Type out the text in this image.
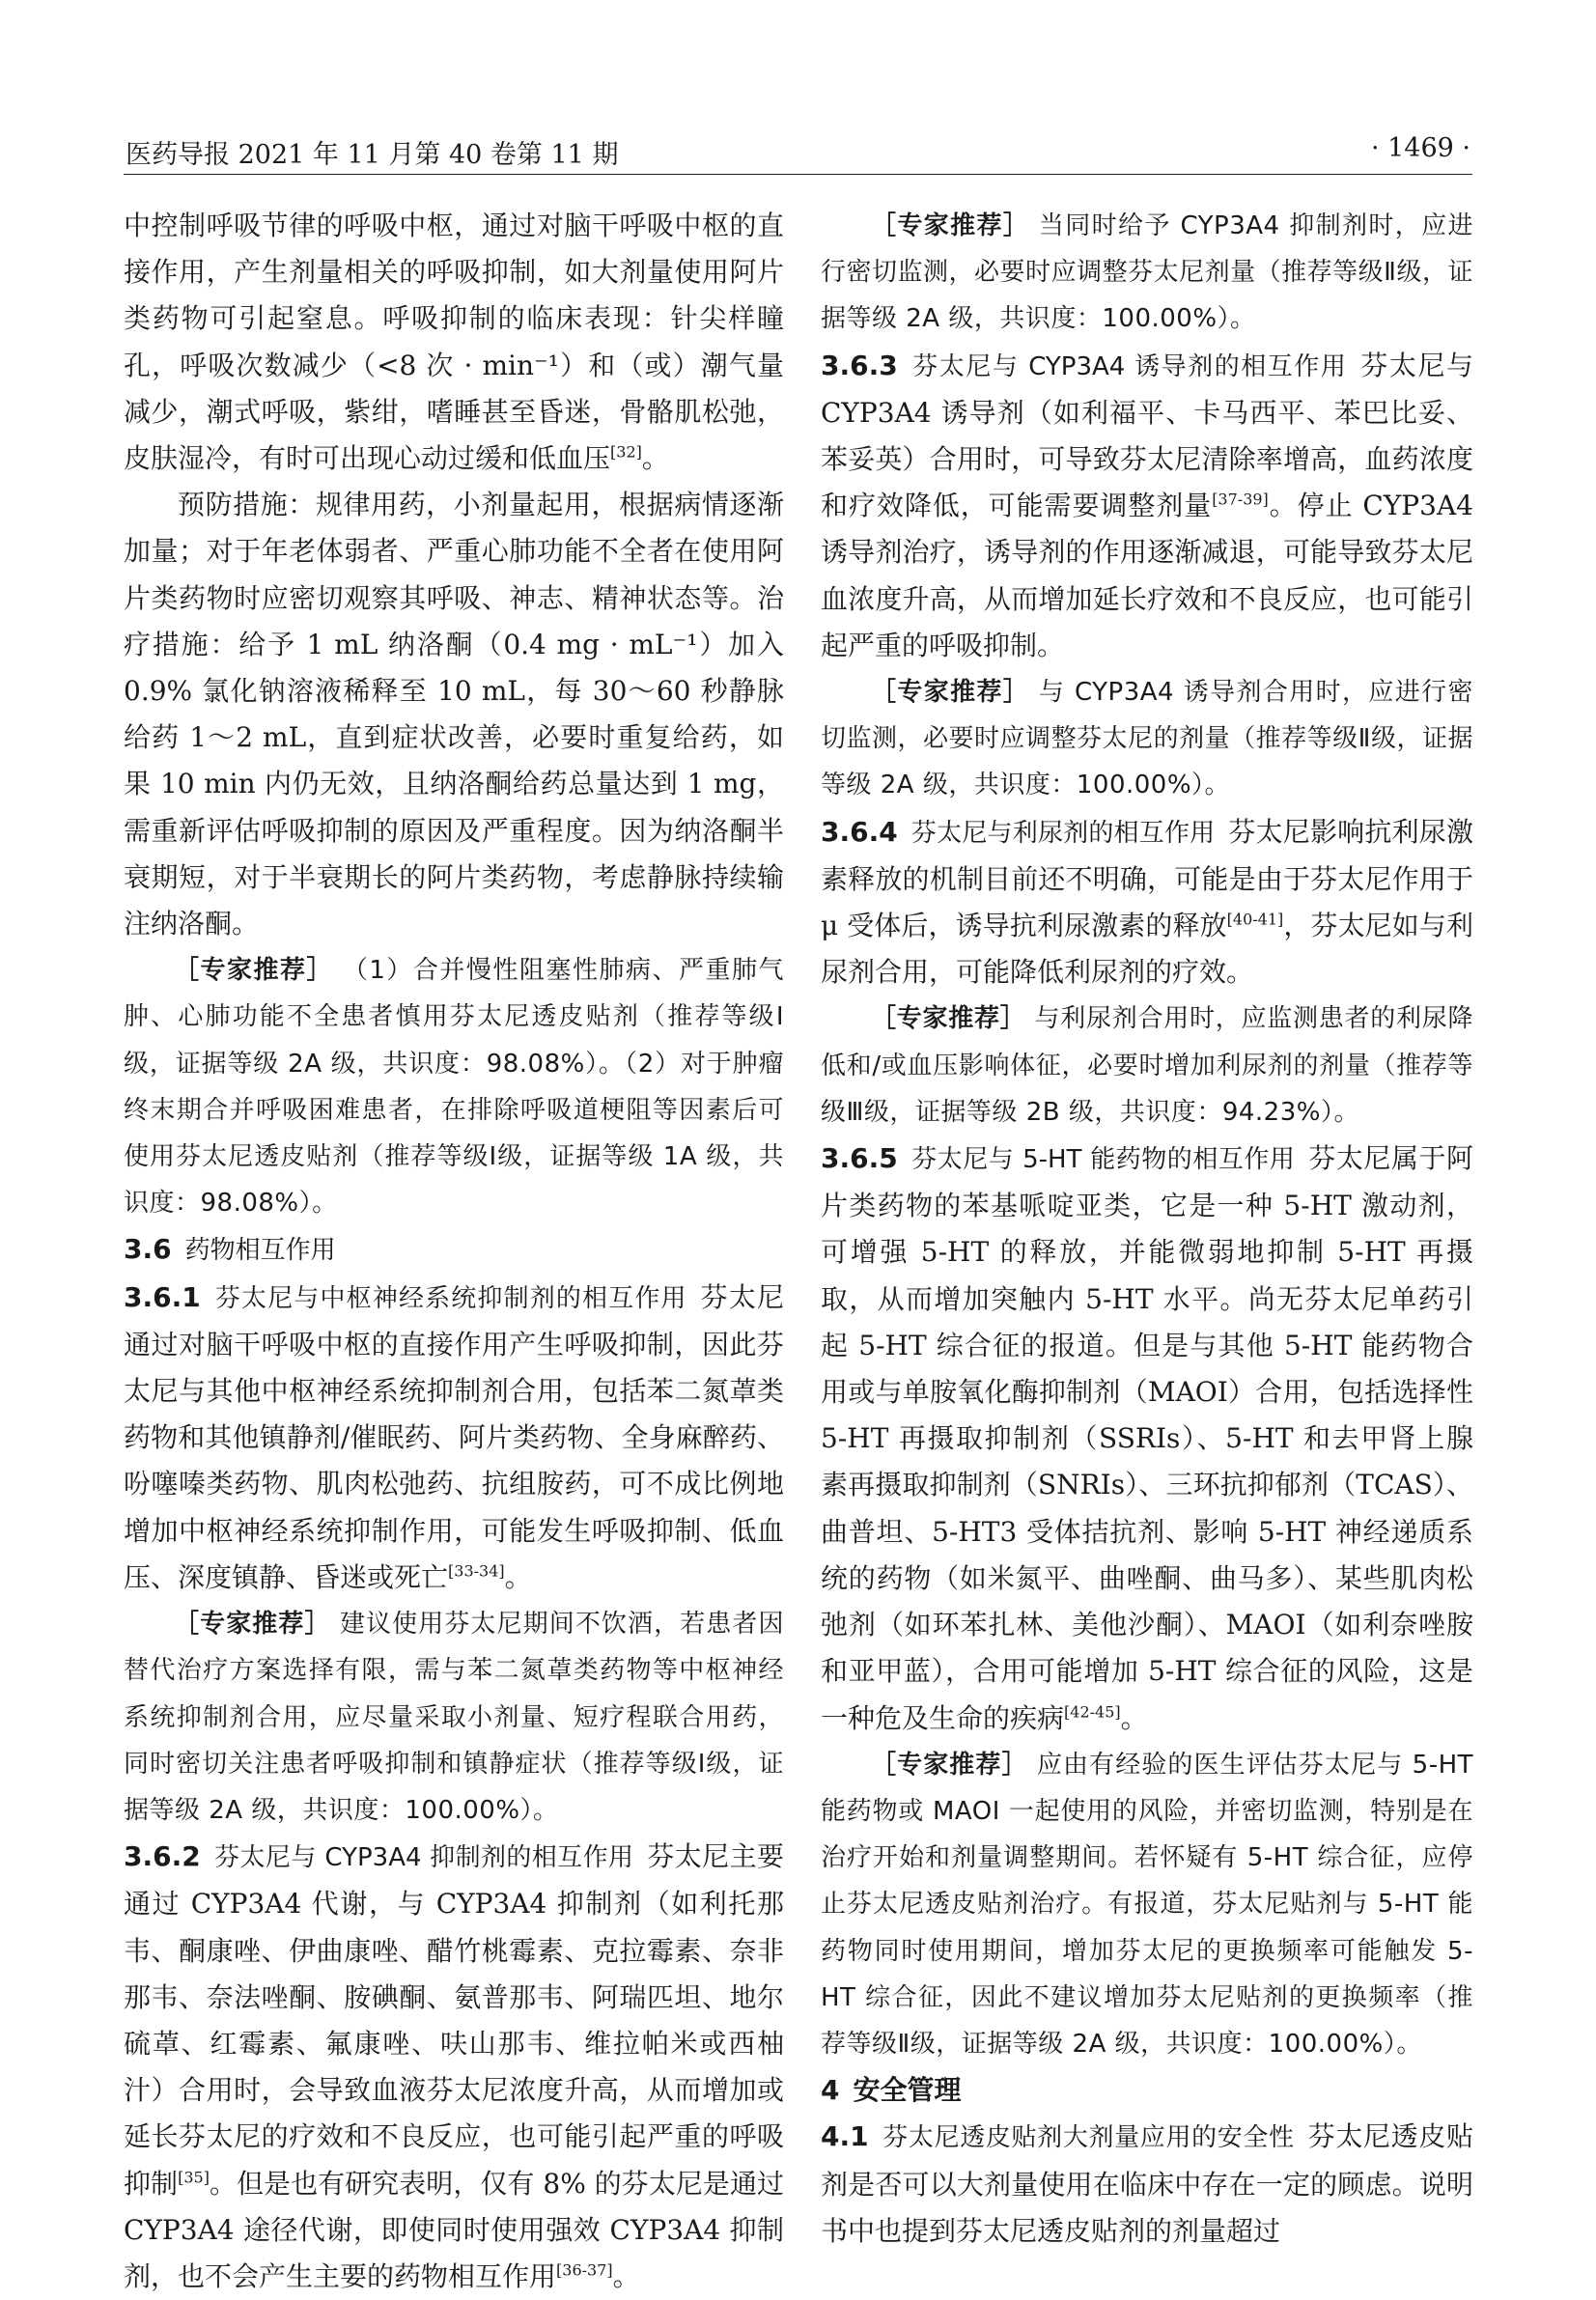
医药导报 2021 年 11 月第 40 卷第 11 期	· 1469 ·

中控制呼吸节律的呼吸中枢，通过对脑干呼吸中枢的直接作用，产生剂量相关的呼吸抑制，如大剂量使用阿片类药物可引起窒息。呼吸抑制的临床表现：针尖样瞳孔，呼吸次数减少（<8 次 · min⁻¹）和（或）潮气量减少，潮式呼吸，紫绀，嗜睡甚至昏迷，骨骼肌松弛，皮肤湿冷，有时可出现心动过缓和低血压[32]。

预防措施：规律用药，小剂量起用，根据病情逐渐加量；对于年老体弱者、严重心肺功能不全者在使用阿片类药物时应密切观察其呼吸、神志、精神状态等。治疗措施：给予 1 mL 纳洛酮（0.4 mg · mL⁻¹）加入 0.9% 氯化钠溶液稀释至 10 mL，每 30～60 秒静脉给药 1～2 mL，直到症状改善，必要时重复给药，如果 10 min 内仍无效，且纳洛酮给药总量达到 1 mg，需重新评估呼吸抑制的原因及严重程度。因为纳洛酮半衰期短，对于半衰期长的阿片类药物，考虑静脉持续输注纳洛酮。

［专家推荐］ （1）合并慢性阻塞性肺病、严重肺气肿、心肺功能不全患者慎用芬太尼透皮贴剂（推荐等级Ⅰ级，证据等级 2A 级，共识度：98.08%）。（2）对于肿瘤终末期合并呼吸困难患者，在排除呼吸道梗阻等因素后可使用芬太尼透皮贴剂（推荐等级Ⅰ级，证据等级 1A 级，共识度：98.08%）。

3.6 药物相互作用

3.6.1 芬太尼与中枢神经系统抑制剂的相互作用 芬太尼通过对脑干呼吸中枢的直接作用产生呼吸抑制，因此芬太尼与其他中枢神经系统抑制剂合用，包括苯二氮䓬类药物和其他镇静剂/催眠药、阿片类药物、全身麻醉药、吩噻嗪类药物、肌肉松弛药、抗组胺药，可不成比例地增加中枢神经系统抑制作用，可能发生呼吸抑制、低血压、深度镇静、昏迷或死亡[33-34]。

［专家推荐］ 建议使用芬太尼期间不饮酒，若患者因替代治疗方案选择有限，需与苯二氮䓬类药物等中枢神经系统抑制剂合用，应尽量采取小剂量、短疗程联合用药，同时密切关注患者呼吸抑制和镇静症状（推荐等级Ⅰ级，证据等级 2A 级，共识度：100.00%）。

3.6.2 芬太尼与 CYP3A4 抑制剂的相互作用 芬太尼主要通过 CYP3A4 代谢，与 CYP3A4 抑制剂（如利托那韦、酮康唑、伊曲康唑、醋竹桃霉素、克拉霉素、奈非那韦、奈法唑酮、胺碘酮、氨普那韦、阿瑞匹坦、地尔硫䓬、红霉素、氟康唑、呋山那韦、维拉帕米或西柚汁）合用时，会导致血液芬太尼浓度升高，从而增加或延长芬太尼的疗效和不良反应，也可能引起严重的呼吸抑制[35]。但是也有研究表明，仅有 8% 的芬太尼是通过 CYP3A4 途径代谢，即使同时使用强效 CYP3A4 抑制剂，也不会产生主要的药物相互作用[36-37]。

［专家推荐］ 当同时给予 CYP3A4 抑制剂时，应进行密切监测，必要时应调整芬太尼剂量（推荐等级Ⅱ级，证据等级 2A 级，共识度：100.00%）。

3.6.3 芬太尼与 CYP3A4 诱导剂的相互作用 芬太尼与 CYP3A4 诱导剂（如利福平、卡马西平、苯巴比妥、苯妥英）合用时，可导致芬太尼清除率增高，血药浓度和疗效降低，可能需要调整剂量[37-39]。停止 CYP3A4 诱导剂治疗，诱导剂的作用逐渐减退，可能导致芬太尼血浓度升高，从而增加延长疗效和不良反应，也可能引起严重的呼吸抑制。

［专家推荐］ 与 CYP3A4 诱导剂合用时，应进行密切监测，必要时应调整芬太尼的剂量（推荐等级Ⅱ级，证据等级 2A 级，共识度：100.00%）。

3.6.4 芬太尼与利尿剂的相互作用 芬太尼影响抗利尿激素释放的机制目前还不明确，可能是由于芬太尼作用于 μ 受体后，诱导抗利尿激素的释放[40-41]，芬太尼如与利尿剂合用，可能降低利尿剂的疗效。

［专家推荐］ 与利尿剂合用时，应监测患者的利尿降低和/或血压影响体征，必要时增加利尿剂的剂量（推荐等级Ⅲ级，证据等级 2B 级，共识度：94.23%）。

3.6.5 芬太尼与 5-HT 能药物的相互作用 芬太尼属于阿片类药物的苯基哌啶亚类，它是一种 5-HT 激动剂，可增强 5-HT 的释放，并能微弱地抑制 5-HT 再摄取，从而增加突触内 5-HT 水平。尚无芬太尼单药引起 5-HT 综合征的报道。但是与其他 5-HT 能药物合用或与单胺氧化酶抑制剂（MAOI）合用，包括选择性 5-HT 再摄取抑制剂（SSRIs）、5-HT 和去甲肾上腺素再摄取抑制剂（SNRIs）、三环抗抑郁剂（TCAS）、曲普坦、5-HT3 受体拮抗剂、影响 5-HT 神经递质系统的药物（如米氮平、曲唑酮、曲马多）、某些肌肉松弛剂（如环苯扎林、美他沙酮）、MAOI（如利奈唑胺和亚甲蓝），合用可能增加 5-HT 综合征的风险，这是一种危及生命的疾病[42-45]。

［专家推荐］ 应由有经验的医生评估芬太尼与 5-HT 能药物或 MAOI 一起使用的风险，并密切监测，特别是在治疗开始和剂量调整期间。若怀疑有 5-HT 综合征，应停止芬太尼透皮贴剂治疗。有报道，芬太尼贴剂与 5-HT 能药物同时使用期间，增加芬太尼的更换频率可能触发 5-HT 综合征，因此不建议增加芬太尼贴剂的更换频率（推荐等级Ⅱ级，证据等级 2A 级，共识度：100.00%）。

4 安全管理

4.1 芬太尼透皮贴剂大剂量应用的安全性 芬太尼透皮贴剂是否可以大剂量使用在临床中存在一定的顾虑。说明书中也提到芬太尼透皮贴剂的剂量超过
